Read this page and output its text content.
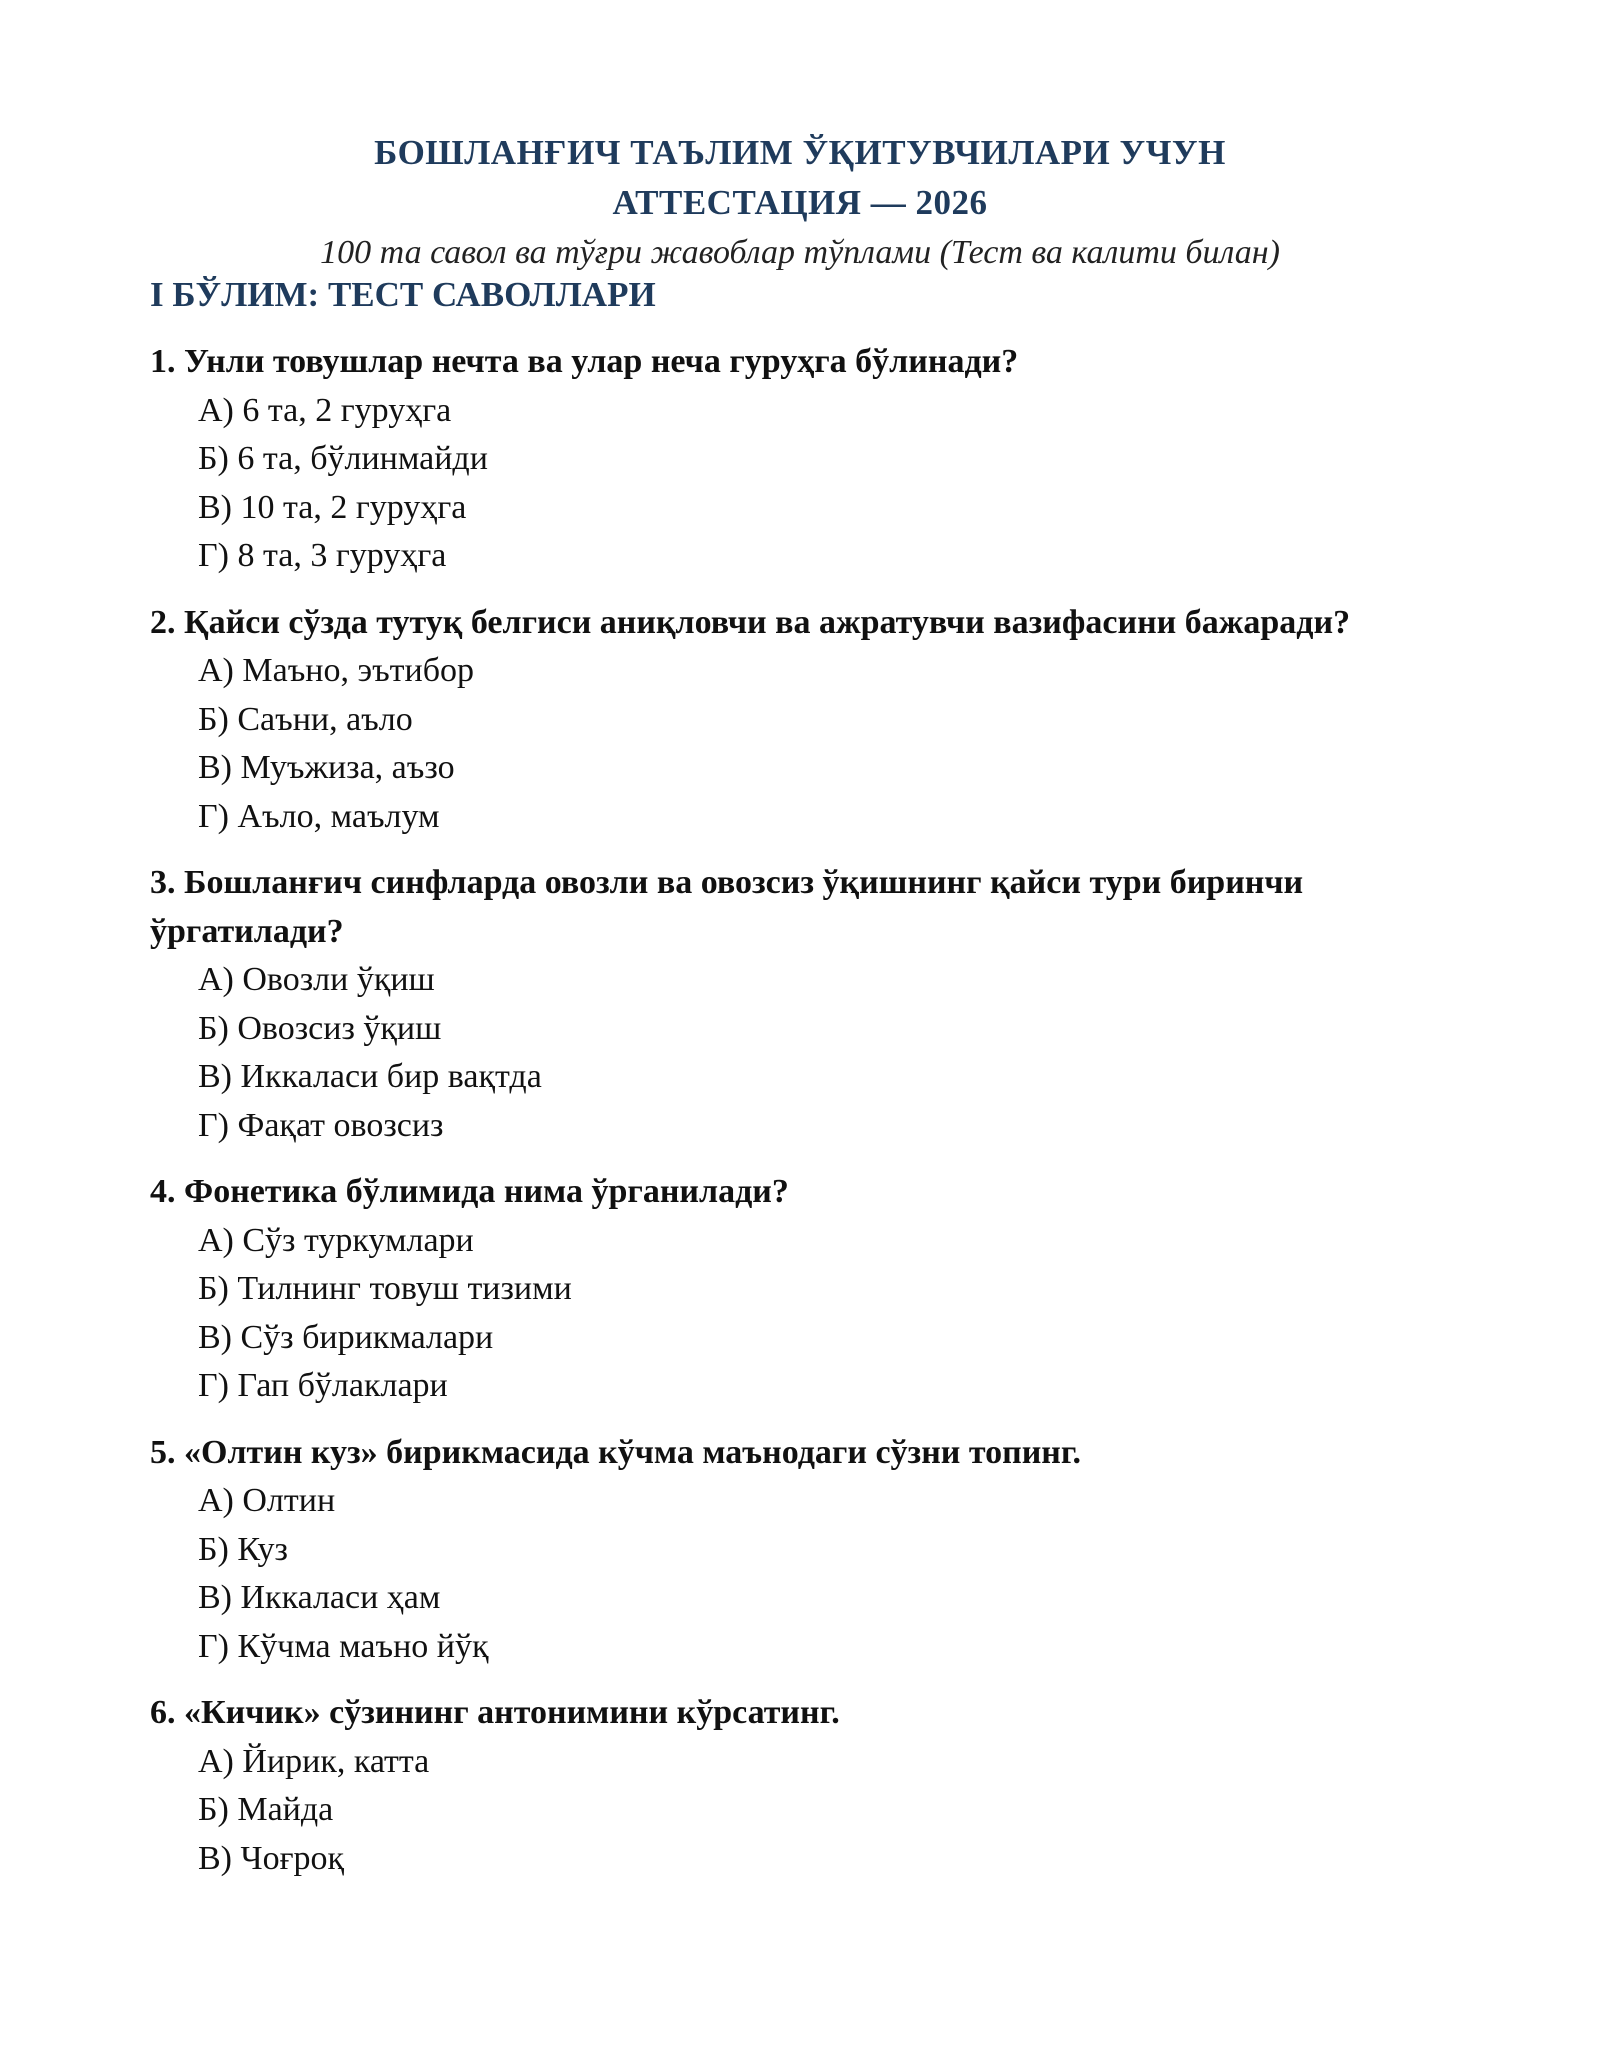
БОШЛАНҒИЧ ТАЪЛИМ ЎҚИТУВЧИЛАРИ УЧУН
АТТЕСТАЦИЯ — 2026
100 та савол ва тўғри жавоблар тўплами (Тест ва калити билан)
I БЎЛИМ: ТЕСТ САВОЛЛАРИ
1. Унли товушлар нечта ва улар неча гуруҳга бўлинади?
А) 6 та, 2 гуруҳга
Б) 6 та, бўлинмайди
В) 10 та, 2 гуруҳга
Г) 8 та, 3 гуруҳга
2. Қайси сўзда тутуқ белгиси аниқловчи ва ажратувчи вазифасини бажаради?
А) Маъно, эътибор
Б) Саъни, аъло
В) Муъжиза, аъзо
Г) Аъло, маълум
3. Бошланғич синфларда овозли ва овозсиз ўқишнинг қайси тури биринчи ўргатилади?
А) Овозли ўқиш
Б) Овозсиз ўқиш
В) Иккаласи бир вақтда
Г) Фақат овозсиз
4. Фонетика бўлимида нима ўрганилади?
А) Сўз туркумлари
Б) Тилнинг товуш тизими
В) Сўз бирикмалари
Г) Гап бўлаклари
5. «Олтин куз» бирикмасида кўчма маънодаги сўзни топинг.
А) Олтин
Б) Куз
В) Иккаласи ҳам
Г) Кўчма маъно йўқ
6. «Кичик» сўзининг антонимини кўрсатинг.
А) Йирик, катта
Б) Майда
В) Чоғроқ
